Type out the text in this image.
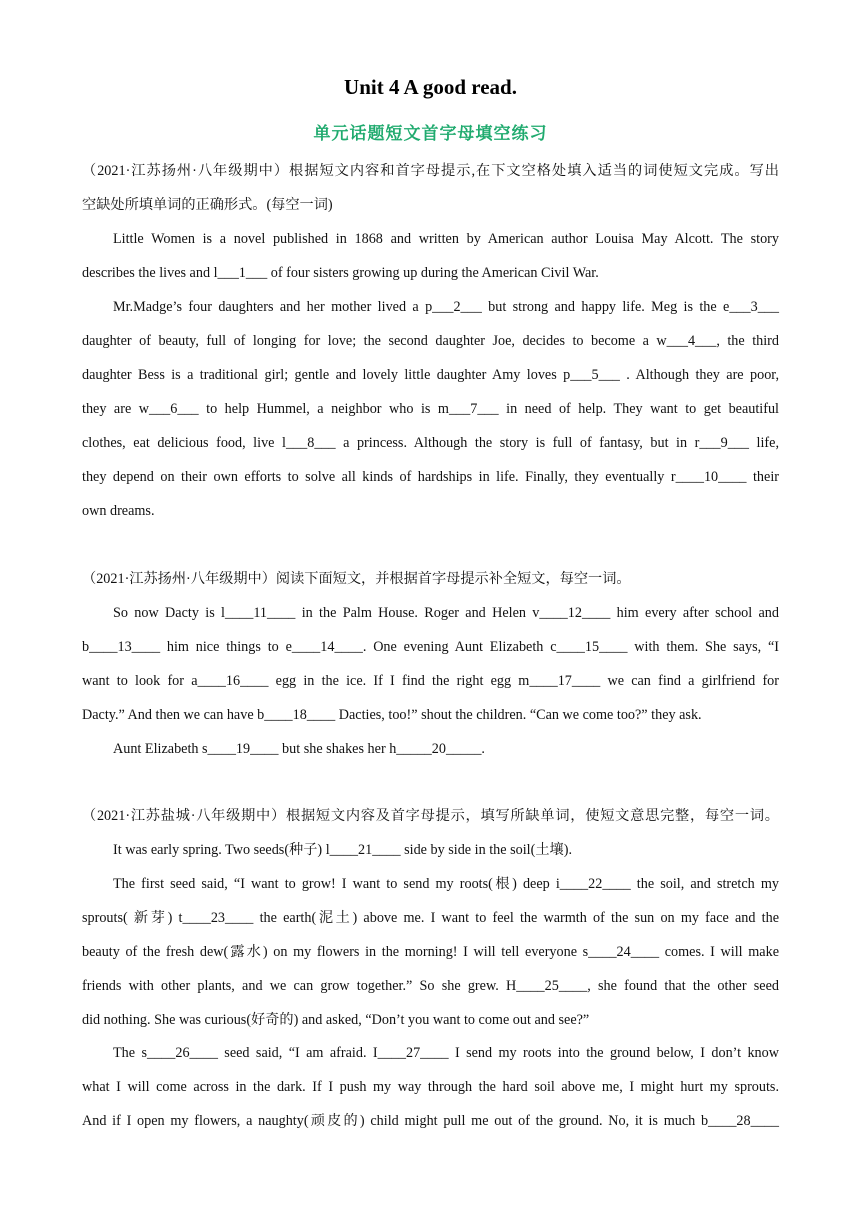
Unit 4 A good read.
单元话题短文首字母填空练习
（2021·江苏扬州·八年级期中）根据短文内容和首字母提示,在下文空格处填入适当的词使短文完成。写出
空缺处所填单词的正确形式。(每空一词)
Little Women is a novel published in 1868 and written by American author Louisa May Alcott. The story
describes the lives and l___1___ of four sisters growing up during the American Civil War.
Mr.Madge’s four daughters and her mother lived a p___2___ but strong and happy life. Meg is the e___3___
daughter of beauty, full of longing for love; the second daughter Joe, decides to become a w___4___, the third
daughter Bess is a traditional girl; gentle and lovely little daughter Amy loves p___5___ . Although they are poor,
they are w___6___ to help Hummel, a neighbor who is m___7___ in need of help. They want to get beautiful
clothes, eat delicious food, live l___8___ a princess. Although the story is full of fantasy, but in r___9___ life,
they depend on their own efforts to solve all kinds of hardships in life. Finally, they eventually r____10____ their
own dreams.
（2021·江苏扬州·八年级期中）阅读下面短文，并根据首字母提示补全短文，每空一词。
So now Dacty is l____11____ in the Palm House. Roger and Helen v____12____ him every after school and
b____13____ him nice things to e____14____. One evening Aunt Elizabeth c____15____ with them. She says, “I
want to look for a____16____ egg in the ice. If I find the right egg m____17____ we can find a girlfriend for
Dacty.” And then we can have b____18____ Dacties, too!” shout the children. “Can we come too?” they ask.
Aunt Elizabeth s____19____ but she shakes her h_____20_____.
（2021·江苏盐城·八年级期中）根据短文内容及首字母提示，填写所缺单词，使短文意思完整，每空一词。
It was early spring. Two seeds(种子) l____21____ side by side in the soil(土壤).
The first seed said, “I want to grow! I want to send my roots(根) deep i____22____ the soil, and stretch my
sprouts( 新芽) t____23____ the earth(泥土) above me. I want to feel the warmth of the sun on my face and the
beauty of the fresh dew(露水) on my flowers in the morning! I will tell everyone s____24____ comes. I will make
friends with other plants, and we can grow together.” So she grew. H____25____, she found that the other seed
did nothing. She was curious(好奇的) and asked, “Don’t you want to come out and see?”
The s____26____ seed said, “I am afraid. I____27____ I send my roots into the ground below, I don’t know
what I will come across in the dark. If I push my way through the hard soil above me, I might hurt my sprouts.
And if I open my flowers, a naughty(顽皮的) child might pull me out of the ground. No, it is much b____28____
